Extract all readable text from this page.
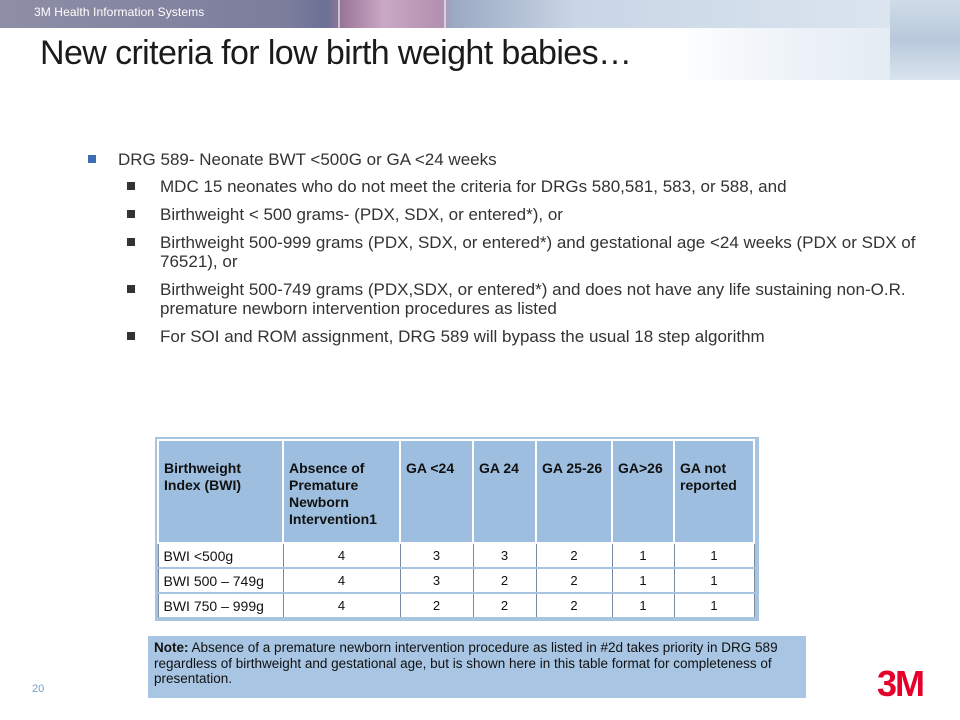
3M Health Information Systems
New criteria for low birth weight babies…
DRG 589- Neonate BWT <500G or GA <24 weeks
MDC 15 neonates who do not meet the criteria for DRGs 580,581, 583, or 588, and
Birthweight < 500 grams- (PDX, SDX, or entered*), or
Birthweight 500-999 grams (PDX, SDX, or entered*) and gestational age <24 weeks (PDX or SDX of 76521), or
Birthweight 500-749 grams (PDX,SDX, or entered*) and does not have any life sustaining non-O.R. premature newborn intervention procedures as listed
For SOI and ROM assignment, DRG 589 will bypass the usual 18 step algorithm
Birthweight Index (BWI)	Absence of Premature Newborn Intervention1	GA <24	GA 24	GA 25-26	GA>26	GA not reported
BWI <500g	4	3	3	2	1	1
BWI 500 – 749g	4	3	2	2	1	1
BWI 750 – 999g	4	2	2	2	1	1
Note: Absence of a premature newborn intervention procedure as listed in #2d takes priority in DRG 589 regardless of birthweight and gestational age, but is shown here in this table format for completeness of presentation.
20	3M
